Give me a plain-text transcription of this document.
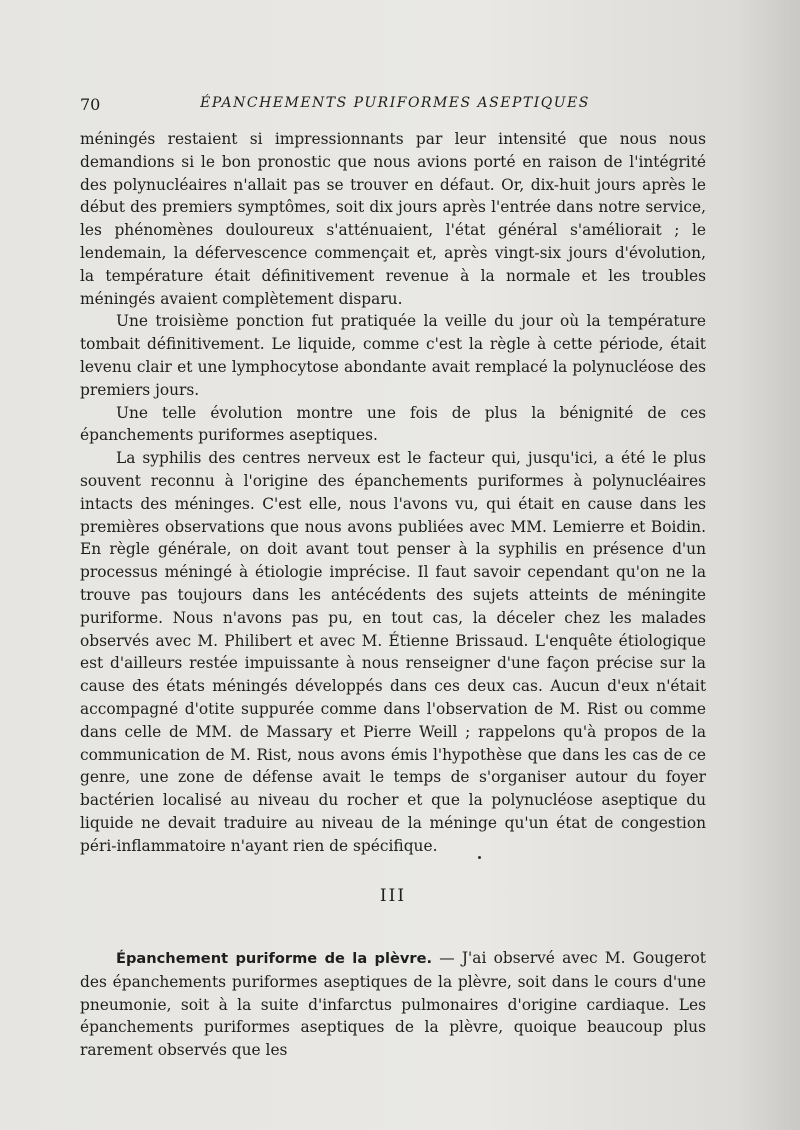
70	ÉPANCHEMENTS PURIFORMES ASEPTIQUES

méningés restaient si impressionnants par leur intensité que nous nous demandions si le bon pronostic que nous avions porté en raison de l'intégrité des polynucléaires n'allait pas se trouver en défaut. Or, dix-huit jours après le début des premiers symptômes, soit dix jours après l'entrée dans notre service, les phénomènes douloureux s'atténuaient, l'état général s'améliorait ; le lendemain, la défervescence commençait et, après vingt-six jours d'évolution, la température était définitivement revenue à la normale et les troubles méningés avaient complètement disparu.

Une troisième ponction fut pratiquée la veille du jour où la température tombait définitivement. Le liquide, comme c'est la règle à cette période, était levenu clair et une lymphocytose abondante avait remplacé la polynucléose des premiers jours.

Une telle évolution montre une fois de plus la bénignité de ces épanchements puriformes aseptiques.

La syphilis des centres nerveux est le facteur qui, jusqu'ici, a été le plus souvent reconnu à l'origine des épanchements puriformes à polynucléaires intacts des méninges. C'est elle, nous l'avons vu, qui était en cause dans les premières observations que nous avons publiées avec MM. Lemierre et Boidin. En règle générale, on doit avant tout penser à la syphilis en présence d'un processus méningé à étiologie imprécise. Il faut savoir cependant qu'on ne la trouve pas toujours dans les antécédents des sujets atteints de méningite puriforme. Nous n'avons pas pu, en tout cas, la déceler chez les malades observés avec M. Philibert et avec M. Étienne Brissaud. L'enquête étiologique est d'ailleurs restée impuissante à nous renseigner d'une façon précise sur la cause des états méningés développés dans ces deux cas. Aucun d'eux n'était accompagné d'otite suppurée comme dans l'observation de M. Rist ou comme dans celle de MM. de Massary et Pierre Weill ; rappelons qu'à propos de la communication de M. Rist, nous avons émis l'hypothèse que dans les cas de ce genre, une zone de défense avait le temps de s'organiser autour du foyer bactérien localisé au niveau du rocher et que la polynucléose aseptique du liquide ne devait traduire au niveau de la méninge qu'un état de congestion péri-inflammatoire n'ayant rien de spécifique.

III

Épanchement puriforme de la plèvre. — J'ai observé avec M. Gougerot des épanchements puriformes aseptiques de la plèvre, soit dans le cours d'une pneumonie, soit à la suite d'infarctus pulmonaires d'origine cardiaque. Les épanchements puriformes aseptiques de la plèvre, quoique beaucoup plus rarement observés que les
